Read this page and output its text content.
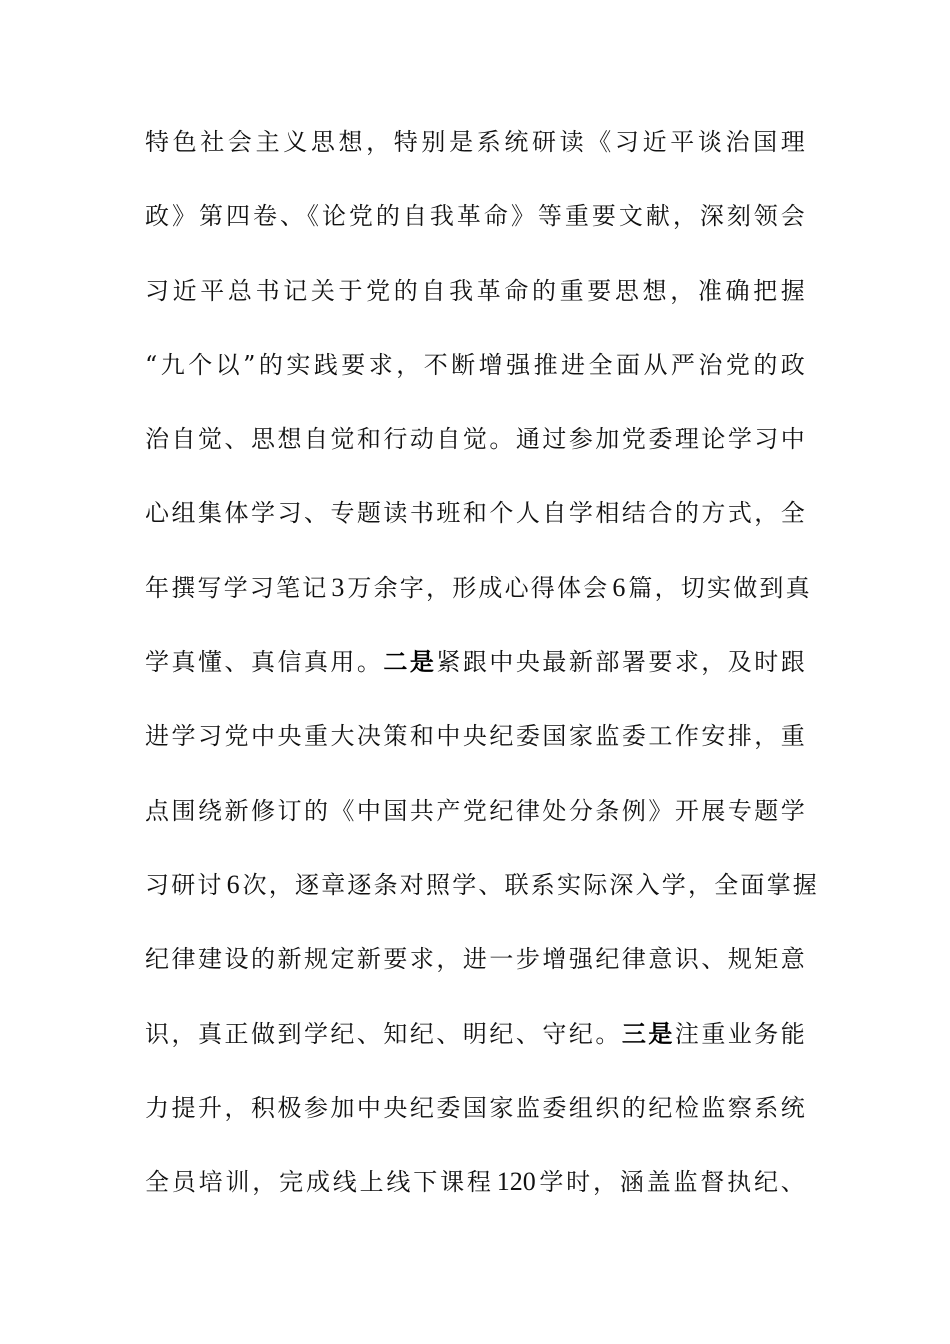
特色社会主义思想，特别是系统研读《习近平谈治国理
政》第四卷、《论党的自我革命》等重要文献，深刻领会
习近平总书记关于党的自我革命的重要思想，准确把握
“九个以”的实践要求，不断增强推进全面从严治党的政
治自觉、思想自觉和行动自觉。通过参加党委理论学习中
心组集体学习、专题读书班和个人自学相结合的方式，全
年撰写学习笔记 3 万余字，形成心得体会 6 篇，切实做到真
学真懂、真信真用。二是紧跟中央最新部署要求，及时跟
进学习党中央重大决策和中央纪委国家监委工作安排，重
点围绕新修订的《中国共产党纪律处分条例》开展专题学
习研讨 6 次，逐章逐条对照学、联系实际深入学，全面掌握
纪律建设的新规定新要求，进一步增强纪律意识、规矩意
识，真正做到学纪、知纪、明纪、守纪。三是注重业务能
力提升，积极参加中央纪委国家监委组织的纪检监察系统
全员培训，完成线上线下课程 120 学时，涵盖监督执纪、
